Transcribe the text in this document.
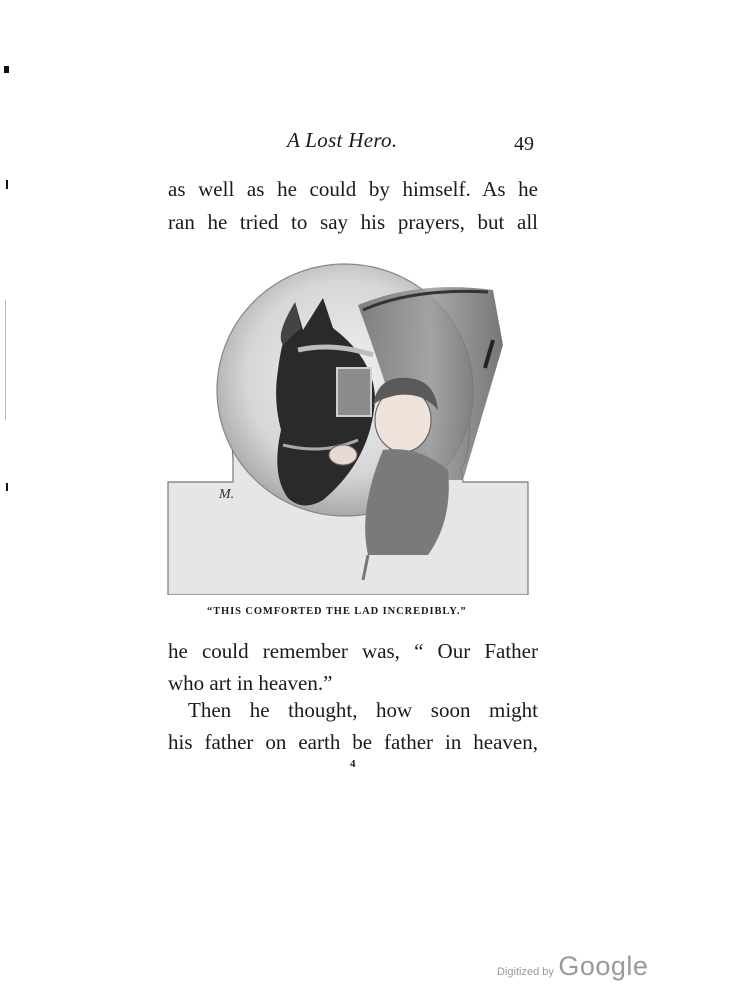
A Lost Hero.	49
as well as he could by himself. As he
ran he tried to say his prayers, but all
M.
“THIS COMFORTED THE LAD INCREDIBLY.”
he could remember was, “ Our Father
who art in heaven.”
Then he thought, how soon might
his father on earth be father in heaven,
4
Digitized by Google
